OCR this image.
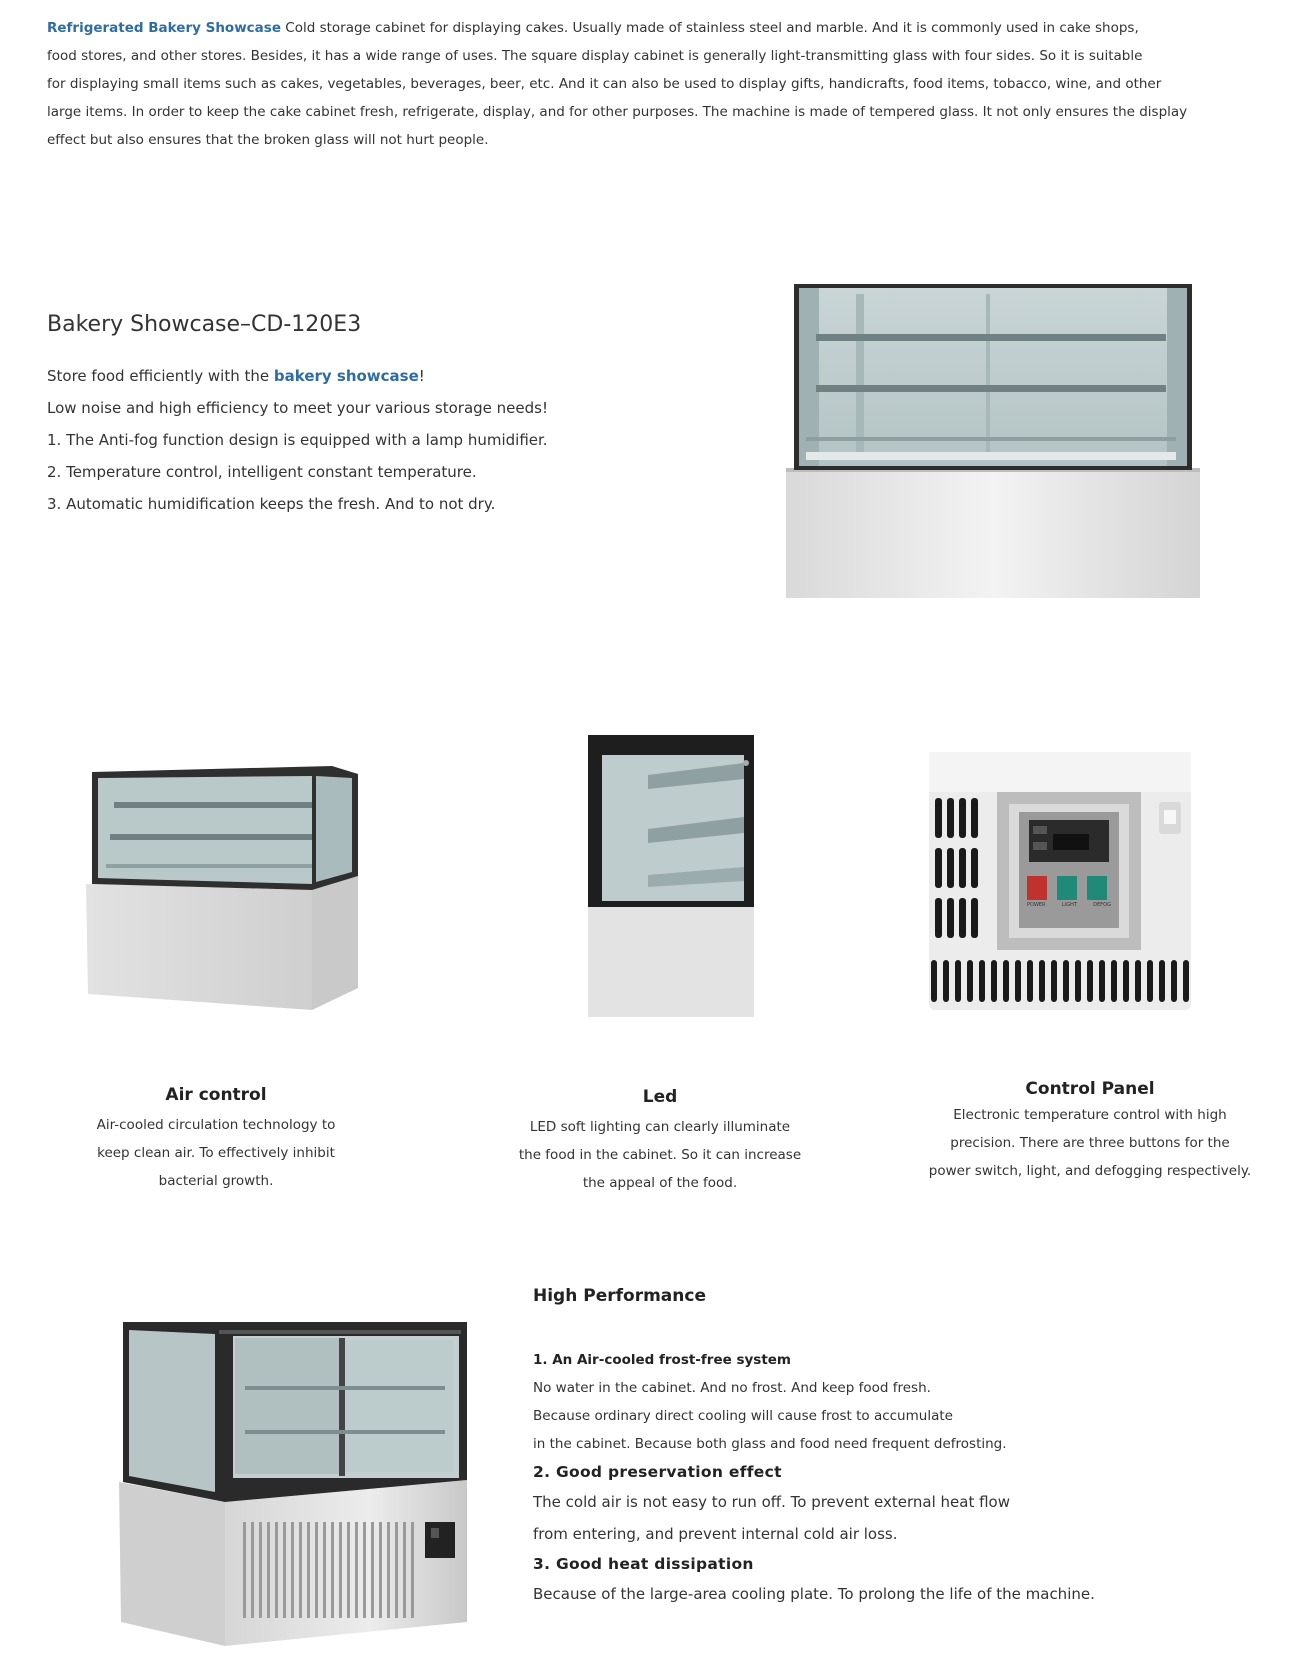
Refrigerated Bakery Showcase Cold storage cabinet for displaying cakes. Usually made of stainless steel and marble. And it is commonly used in cake shops,
food stores, and other stores. Besides, it has a wide range of uses. The square display cabinet is generally light-transmitting glass with four sides. So it is suitable
for displaying small items such as cakes, vegetables, beverages, beer, etc. And it can also be used to display gifts, handicrafts, food items, tobacco, wine, and other
large items. In order to keep the cake cabinet fresh, refrigerate, display, and for other purposes. The machine is made of tempered glass. It not only ensures the display
effect but also ensures that the broken glass will not hurt people.
Bakery Showcase–CD-120E3
Store food efficiently with the bakery showcase!
Low noise and high efficiency to meet your various storage needs!
1. The Anti-fog function design is equipped with a lamp humidifier.
2. Temperature control, intelligent constant temperature.
3. Automatic humidification keeps the fresh. And to not dry.
POWER	LIGHT	DEFOG
Air control
Air-cooled circulation technology to
keep clean air. To effectively inhibit
bacterial growth.
Led
LED soft lighting can clearly illuminate
the food in the cabinet. So it can increase
the appeal of the food.
Control Panel
Electronic temperature control with high
precision. There are three buttons for the
power switch, light, and defogging respectively.
High Performance
1. An Air-cooled frost-free system
No water in the cabinet. And no frost. And keep food fresh.
Because ordinary direct cooling will cause frost to accumulate
in the cabinet. Because both glass and food need frequent defrosting.
2. Good preservation effect
The cold air is not easy to run off. To prevent external heat flow
from entering, and prevent internal cold air loss.
3. Good heat dissipation
Because of the large-area cooling plate. To prolong the life of the machine.
